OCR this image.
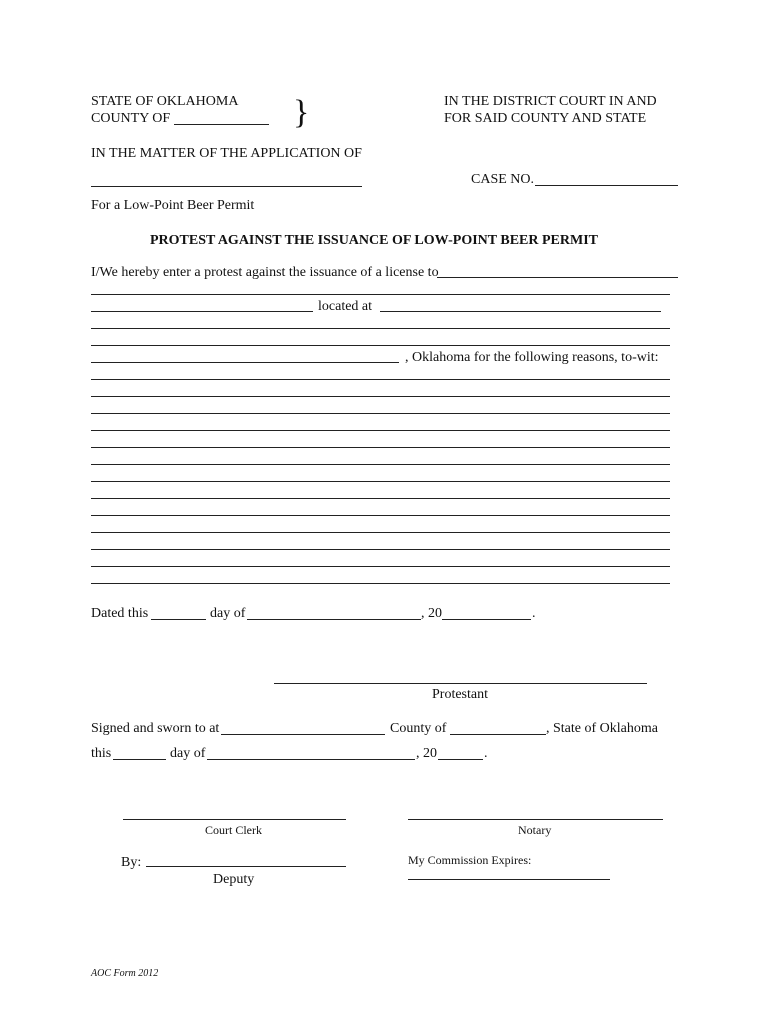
STATE OF OKLAHOMA
COUNTY OF	}	IN THE DISTRICT COURT IN AND
FOR SAID COUNTY AND STATE
IN THE MATTER OF THE APPLICATION OF
CASE NO.
For a Low-Point Beer Permit
PROTEST AGAINST THE ISSUANCE OF LOW-POINT BEER PERMIT
I/We hereby enter a protest against the issuance of a license to
located at
, Oklahoma for the following reasons, to-wit:
Dated this	day of	, 20	.
Protestant
Signed and sworn to at	County of	, State of Oklahoma
this	day of	, 20	.
Court Clerk	Notary
By:
Deputy
My Commission Expires:
AOC Form 2012
